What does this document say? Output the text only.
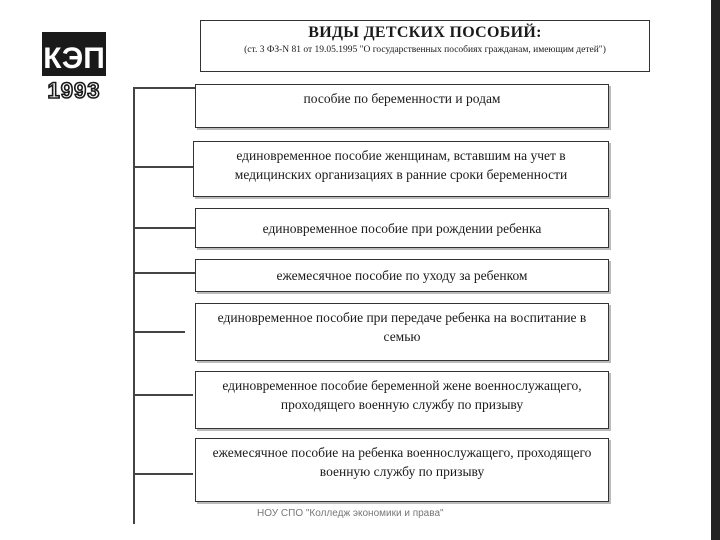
КЭП
1993
ВИДЫ ДЕТСКИХ ПОСОБИЙ:
(ст. 3 ФЗ-N 81 от 19.05.1995 "О государственных пособиях гражданам, имеющим детей")
пособие по беременности и родам
единовременное пособие женщинам, вставшим на учет в медицинских организациях в ранние сроки беременности
единовременное пособие при рождении ребенка
ежемесячное пособие по уходу за ребенком
единовременное пособие при передаче ребенка на воспитание в семью
единовременное пособие беременной жене военнослужащего, проходящего военную службу по призыву
ежемесячное пособие на ребенка военнослужащего, проходящего военную службу по призыву
НОУ СПО "Колледж экономики и права"
